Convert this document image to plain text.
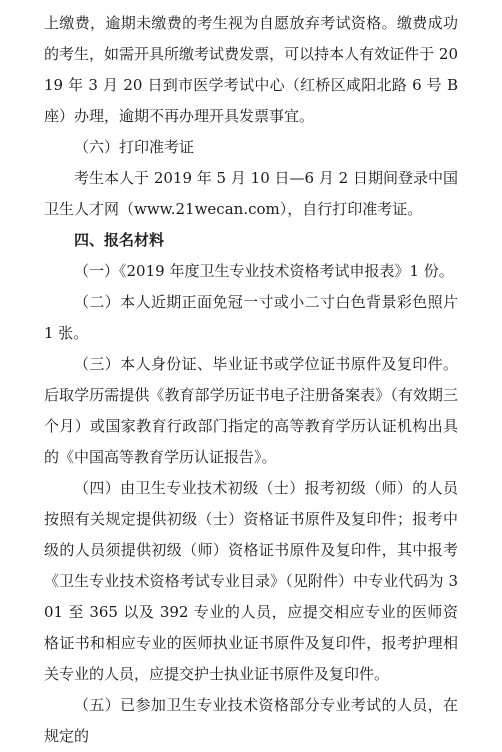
上缴费，逾期未缴费的考生视为自愿放弃考试资格。缴费成功的考生，如需开具所缴考试费发票，可以持本人有效证件于 2019 年 3 月 20 日到市医学考试中心（红桥区咸阳北路 6 号 B 座）办理，逾期不再办理开具发票事宜。

（六）打印准考证

考生本人于 2019 年 5 月 10 日—6 月 2 日期间登录中国卫生人才网（www.21wecan.com），自行打印准考证。

四、报名材料

（一）《2019 年度卫生专业技术资格考试申报表》1 份。

（二）本人近期正面免冠一寸或小二寸白色背景彩色照片 1 张。

（三）本人身份证、毕业证书或学位证书原件及复印件。后取学历需提供《教育部学历证书电子注册备案表》（有效期三个月）或国家教育行政部门指定的高等教育学历认证机构出具的《中国高等教育学历认证报告》。

（四）由卫生专业技术初级（士）报考初级（师）的人员按照有关规定提供初级（士）资格证书原件及复印件；报考中级的人员须提供初级（师）资格证书原件及复印件，其中报考《卫生专业技术资格考试专业目录》（见附件）中专业代码为 301 至 365 以及 392 专业的人员，应提交相应专业的医师资格证书和相应专业的医师执业证书原件及复印件，报考护理相关专业的人员，应提交护士执业证书原件及复印件。

（五）已参加卫生专业技术资格部分专业考试的人员，在规定的
